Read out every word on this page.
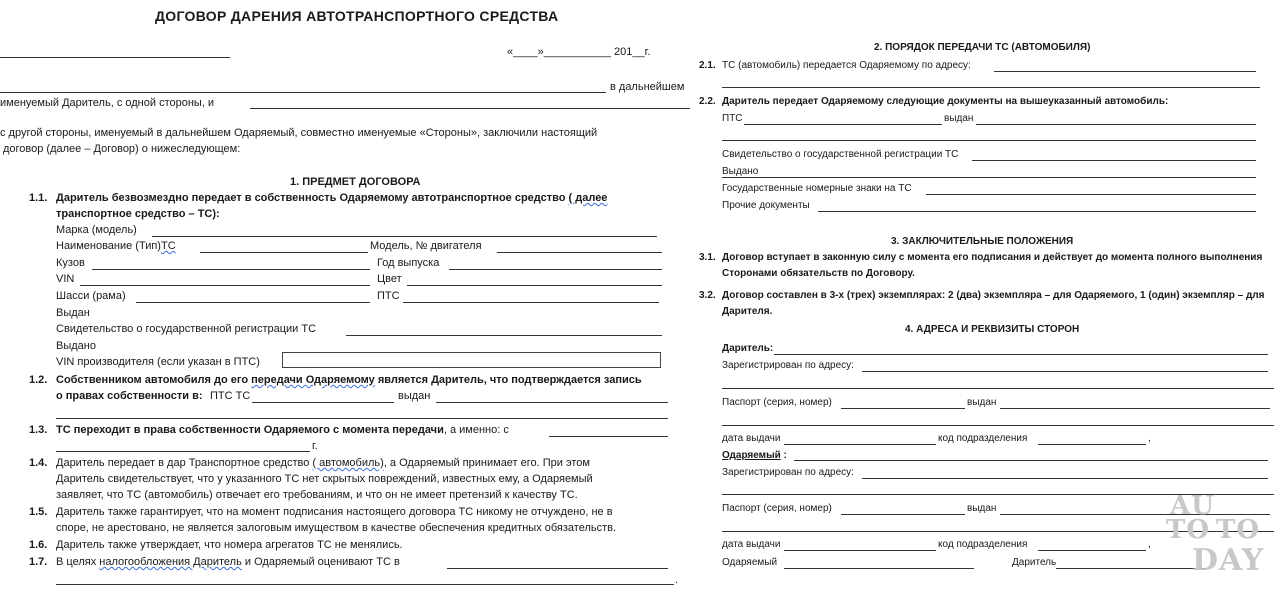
ДОГОВОР ДАРЕНИЯ АВТОТРАНСПОРТНОГО СРЕДСТВА
«____»___________ 201__г.
в дальнейшем
именуемый Даритель, с одной стороны, и
с другой стороны, именуемый в дальнейшем Одаряемый, совместно именуемые «Стороны», заключили настоящий
договор (далее – Договор) о нижеследующем:
1. ПРЕДМЕТ ДОГОВОРА
1.1. Даритель безвозмездно передает в собственность Одаряемому автотранспортное средство ( далее
транспортное средство – ТС):
Марка (модель)
Наименование (Тип)ТС	Модель, № двигателя
Кузов	Год выпуска
VIN	Цвет
Шасси (рама)	ПТС
Выдан
Свидетельство о государственной регистрации ТС
Выдано
VIN производителя (если указан в ПТС)
1.2. Собственником автомобиля до его передачи Одаряемому является Даритель, что подтверждается запись
о правах собственности в: ПТС ТС	выдан
1.3. ТС переходит в права собственности Одаряемого с момента передачи, а именно: с
г.
1.4. Даритель передает в дар Транспортное средство ( автомобиль), а Одаряемый принимает его. При этом
Даритель свидетельствует, что у указанного ТС нет скрытых повреждений, известных ему, а Одаряемый
заявляет, что ТС (автомобиль) отвечает его требованиям, и что он не имеет претензий к качеству ТС.
1.5. Даритель также гарантирует, что на момент подписания настоящего договора ТС никому не отчуждено, не в
споре, не арестовано, не является залоговым имуществом в качестве обеспечения кредитных обязательств.
1.6. Даритель также утверждает, что номера агрегатов ТС не менялись.
1.7. В целях налогообложения Даритель и Одаряемый оценивают ТС в
.
2. ПОРЯДОК ПЕРЕДАЧИ ТС (АВТОМОБИЛЯ)
2.1. ТС (автомобиль) передается Одаряемому по адресу:
2.2. Даритель передает Одаряемому следующие документы на вышеуказанный автомобиль:
ПТС	выдан
Свидетельство о государственной регистрации ТС
Выдано
Государственные номерные знаки на ТС
Прочие документы
3. ЗАКЛЮЧИТЕЛЬНЫЕ ПОЛОЖЕНИЯ
3.1. Договор вступает в законную силу с момента его подписания и действует до момента полного выполнения
Сторонами обязательств по Договору.
3.2. Договор составлен в 3-х (трех) экземплярах: 2 (два) экземпляра – для Одаряемого, 1 (один) экземпляр – для
Дарителя.
4. АДРЕСА И РЕКВИЗИТЫ СТОРОН
Даритель:
Зарегистрирован по адресу:
Паспорт (серия, номер)	выдан
дата выдачи	код подразделения	,
Одаряемый :
Зарегистрирован по адресу:
Паспорт (серия, номер)	выдан
дата выдачи	код подразделения	,
Одаряемый	Даритель
AU
TO TO
DAY
